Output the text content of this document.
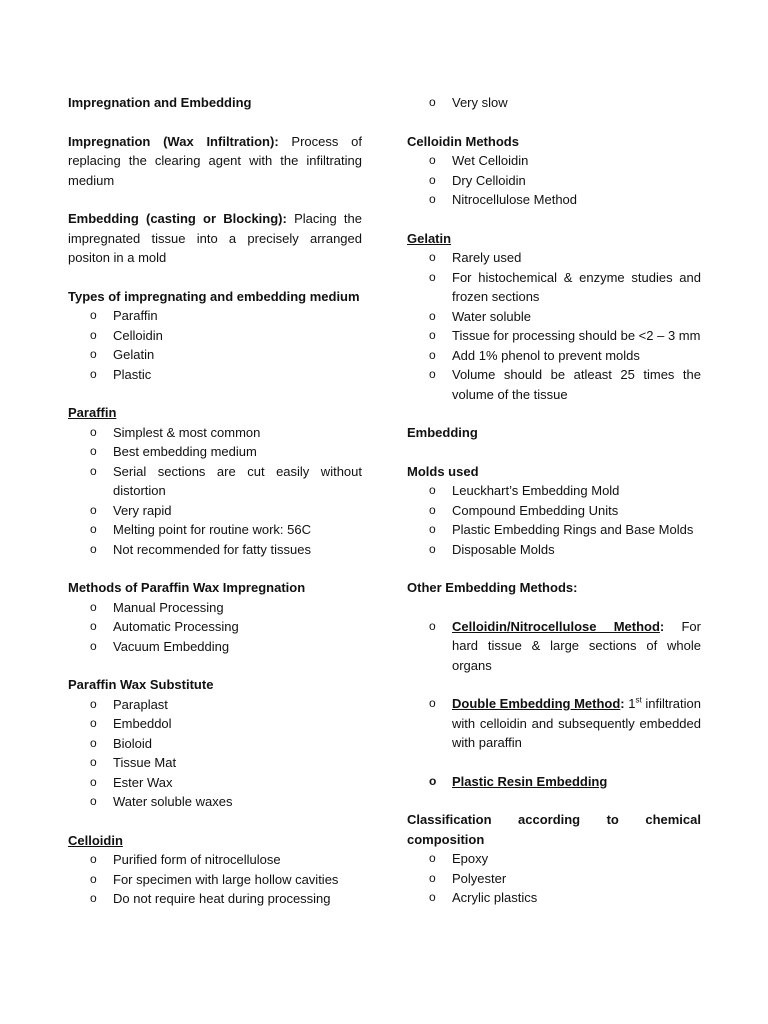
Impregnation and Embedding
Impregnation (Wax Infiltration): Process of replacing the clearing agent with the infiltrating medium
Embedding (casting or Blocking): Placing the impregnated tissue into a precisely arranged positon in a mold
Types of impregnating and embedding medium
o Paraffin
o Celloidin
o Gelatin
o Plastic
Paraffin
o Simplest & most common
o Best embedding medium
o Serial sections are cut easily without distortion
o Very rapid
o Melting point for routine work: 56C
o Not recommended for fatty tissues
Methods of Paraffin Wax Impregnation
o Manual Processing
o Automatic Processing
o Vacuum Embedding
Paraffin Wax Substitute
o Paraplast
o Embeddol
o Bioloid
o Tissue Mat
o Ester Wax
o Water soluble waxes
Celloidin
o Purified form of nitrocellulose
o For specimen with large hollow cavities
o Do not require heat during processing
o Very slow
Celloidin Methods
o Wet Celloidin
o Dry Celloidin
o Nitrocellulose Method
Gelatin
o Rarely used
o For histochemical & enzyme studies and frozen sections
o Water soluble
o Tissue for processing should be <2 – 3 mm
o Add 1% phenol to prevent molds
o Volume should be atleast 25 times the volume of the tissue
Embedding
Molds used
o Leuckhart’s Embedding Mold
o Compound Embedding Units
o Plastic Embedding Rings and Base Molds
o Disposable Molds
Other Embedding Methods:
o Celloidin/Nitrocellulose Method: For hard tissue & large sections of whole organs
o Double Embedding Method: 1st infiltration with celloidin and subsequently embedded with paraffin
o Plastic Resin Embedding
Classification according to chemical composition
o Epoxy
o Polyester
o Acrylic plastics
